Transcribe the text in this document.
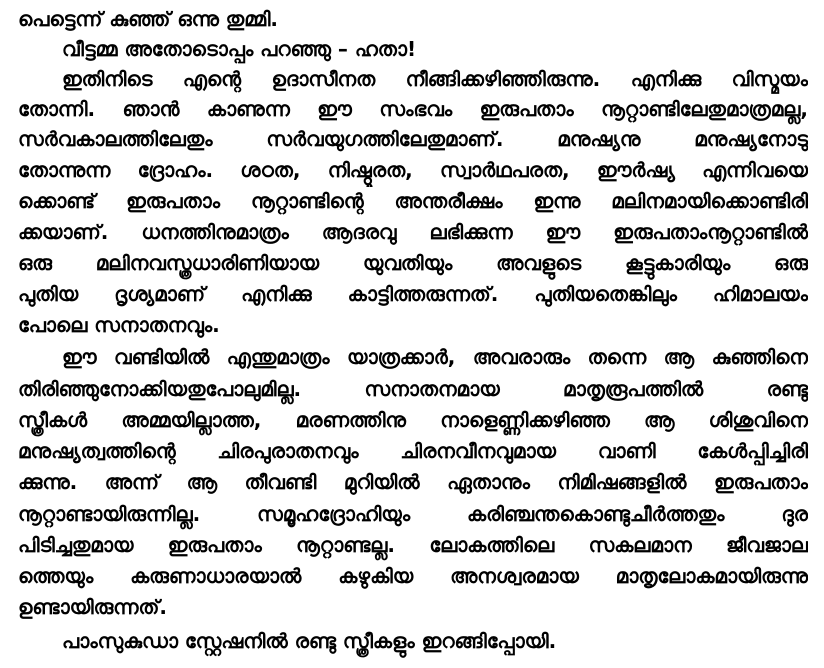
പെട്ടെന്ന് കുഞ്ഞ് ഒന്നു തുമ്മി.
വീട്ടമ്മ അതോടൊപ്പം പറഞ്ഞു – ഹതാ!
ഇതിനിടെ എന്റെ ഉദാസീനത നീങ്ങിക്കഴിഞ്ഞിരുന്നു. എനിക്കു വിസ്മയം
തോന്നി. ഞാൻ കാണുന്ന ഈ സംഭവം ഇരുപതാം നൂറ്റാണ്ടിലേതുമാത്രമല്ല,
സർവകാലത്തിലേതും സർവയുഗത്തിലേതുമാണ്. മനുഷ്യനു മനുഷ്യനോടു
തോന്നുന്ന ദ്രോഹം. ശഠത, നിഷ്ഠൂരത, സ്വാർഥപരത, ഈർഷ്യ എന്നിവയെ
ക്കൊണ്ട് ഇരുപതാം നൂറ്റാണ്ടിന്റെ അന്തരീക്ഷം ഇന്നു മലിനമായിക്കൊണ്ടിരി
ക്കയാണ്. ധനത്തിനുമാത്രം ആദരവു ലഭിക്കുന്ന ഈ ഇരുപതാംനൂറ്റാണ്ടിൽ
ഒരു മലിനവസ്ത്രധാരിണിയായ യുവതിയും അവളുടെ കൂട്ടുകാരിയും ഒരു
പുതിയ ദൃശ്യമാണ് എനിക്കു കാട്ടിത്തരുന്നത്. പുതിയതെങ്കിലും ഹിമാലയം
പോലെ സനാതനവും.
ഈ വണ്ടിയിൽ എന്തുമാത്രം യാത്രക്കാർ, അവരാരും തന്നെ ആ കുഞ്ഞിനെ
തിരിഞ്ഞുനോക്കിയതുപോലുമില്ല. സനാതനമായ മാതൃരൂപത്തിൽ രണ്ടു
സ്ത്രീകൾ അമ്മയില്ലാത്ത, മരണത്തിനു നാളെണ്ണിക്കഴിഞ്ഞ ആ ശിശുവിനെ
മനുഷ്യത്വത്തിന്റെ ചിരപുരാതനവും ചിരനവീനവുമായ വാണി കേൾപ്പിച്ചിരി
ക്കുന്നു. അന്ന് ആ തീവണ്ടി മുറിയിൽ ഏതാനും നിമിഷങ്ങളിൽ ഇരുപതാം
നൂറ്റാണ്ടായിരുന്നില്ല. സമൂഹദ്രോഹിയും കരിഞ്ചന്തകൊണ്ടുചീർത്തതും ദുര
പിടിച്ചതുമായ ഇരുപതാം നൂറ്റാണ്ടല്ല. ലോകത്തിലെ സകലമാന ജീവജാല
ത്തെയും കരുണാധാരയാൽ കഴുകിയ അനശ്വരമായ മാതൃലോകമായിരുന്നു
ഉണ്ടായിരുന്നത്.
പാംസുകുഡാ സ്റ്റേഷനിൽ രണ്ടു സ്ത്രീകളും ഇറങ്ങിപ്പോയി.
